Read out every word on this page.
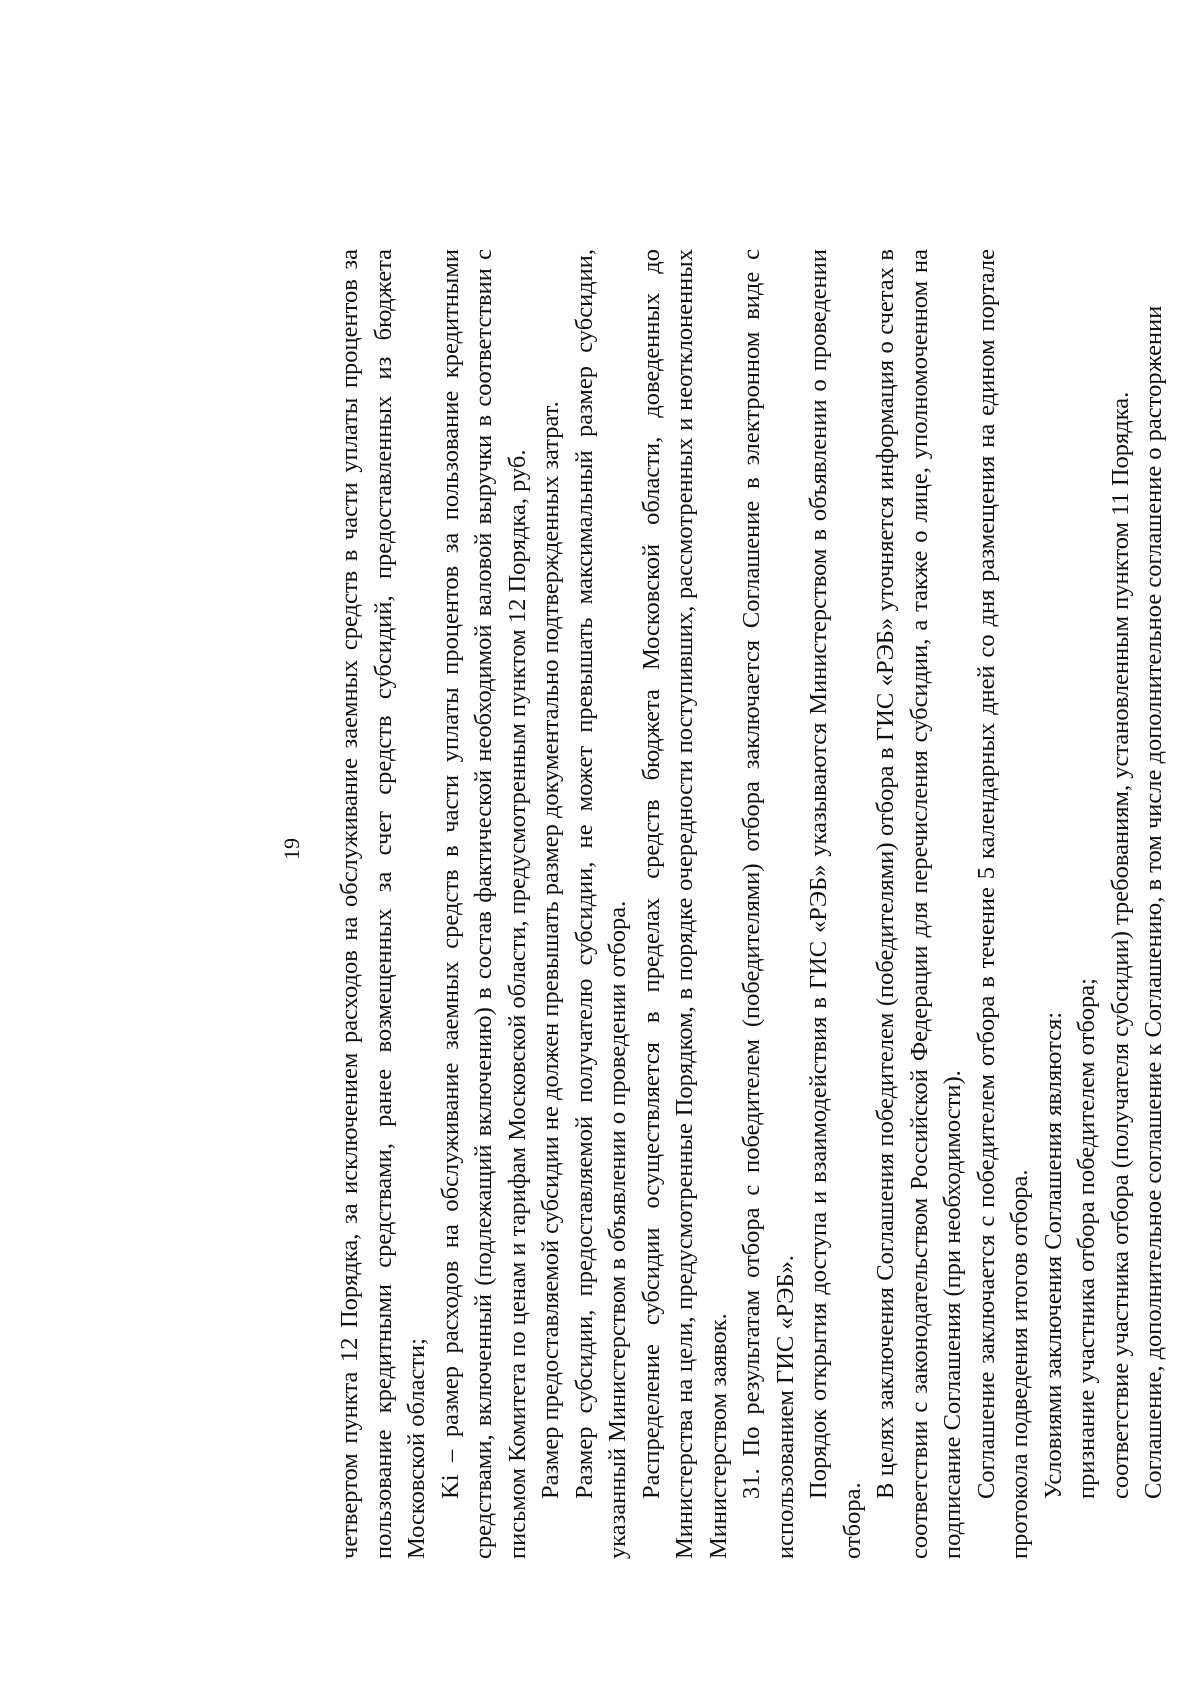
19 четвертом пункта 12 Порядка, за исключением расходов на обслуживание заемных средств в части уплаты процентов за пользование кредитными средствами, ранее возмещенных за счет средств субсидий, предоставленных из бюджета Московской области; Ki – размер расходов на обслуживание заемных средств в части уплаты процентов за пользование кредитными средствами, включенный (подлежащий включению) в состав фактической необходимой валовой выручки в соответствии с письмом Комитета по ценам и тарифам Московской области, предусмотренным пунктом 12 Порядка, руб. Размер предоставляемой субсидии не должен превышать размер документально подтвержденных затрат. Размер субсидии, предоставляемой получателю субсидии, не может превышать максимальный размер субсидии, указанный Министерством в объявлении о проведении отбора. Распределение субсидии осуществляется в пределах средств бюджета Московской области, доведенных до Министерства на цели, предусмотренные Порядком, в порядке очередности поступивших, рассмотренных и неотклоненных Министерством заявок. 31. По результатам отбора с победителем (победителями) отбора заключается Соглашение в электронном виде с использованием ГИС «РЭБ». Порядок открытия доступа и взаимодействия в ГИС «РЭБ» указываются Министерством в объявлении о проведении отбора.

В целях заключения Соглашения победителем (победителями) отбора в ГИС «РЭБ» уточняется информация о счетах в соответствии с законодательством Российской Федерации для перечисления субсидии, а также о лице, уполномоченном на подписание Соглашения (при необходимости). Соглашение заключается с победителем отбора в течение 5 календарных дней со дня размещения на едином портале протокола подведения итогов отбора. Условиями заключения Соглашения являются: признание участника отбора победителем отбора; соответствие участника отбора (получателя субсидии) требованиям, установленным пунктом 11 Порядка. Соглашение, дополнительное соглашение к Соглашению, в том числе дополнительное соглашение о расторжении
